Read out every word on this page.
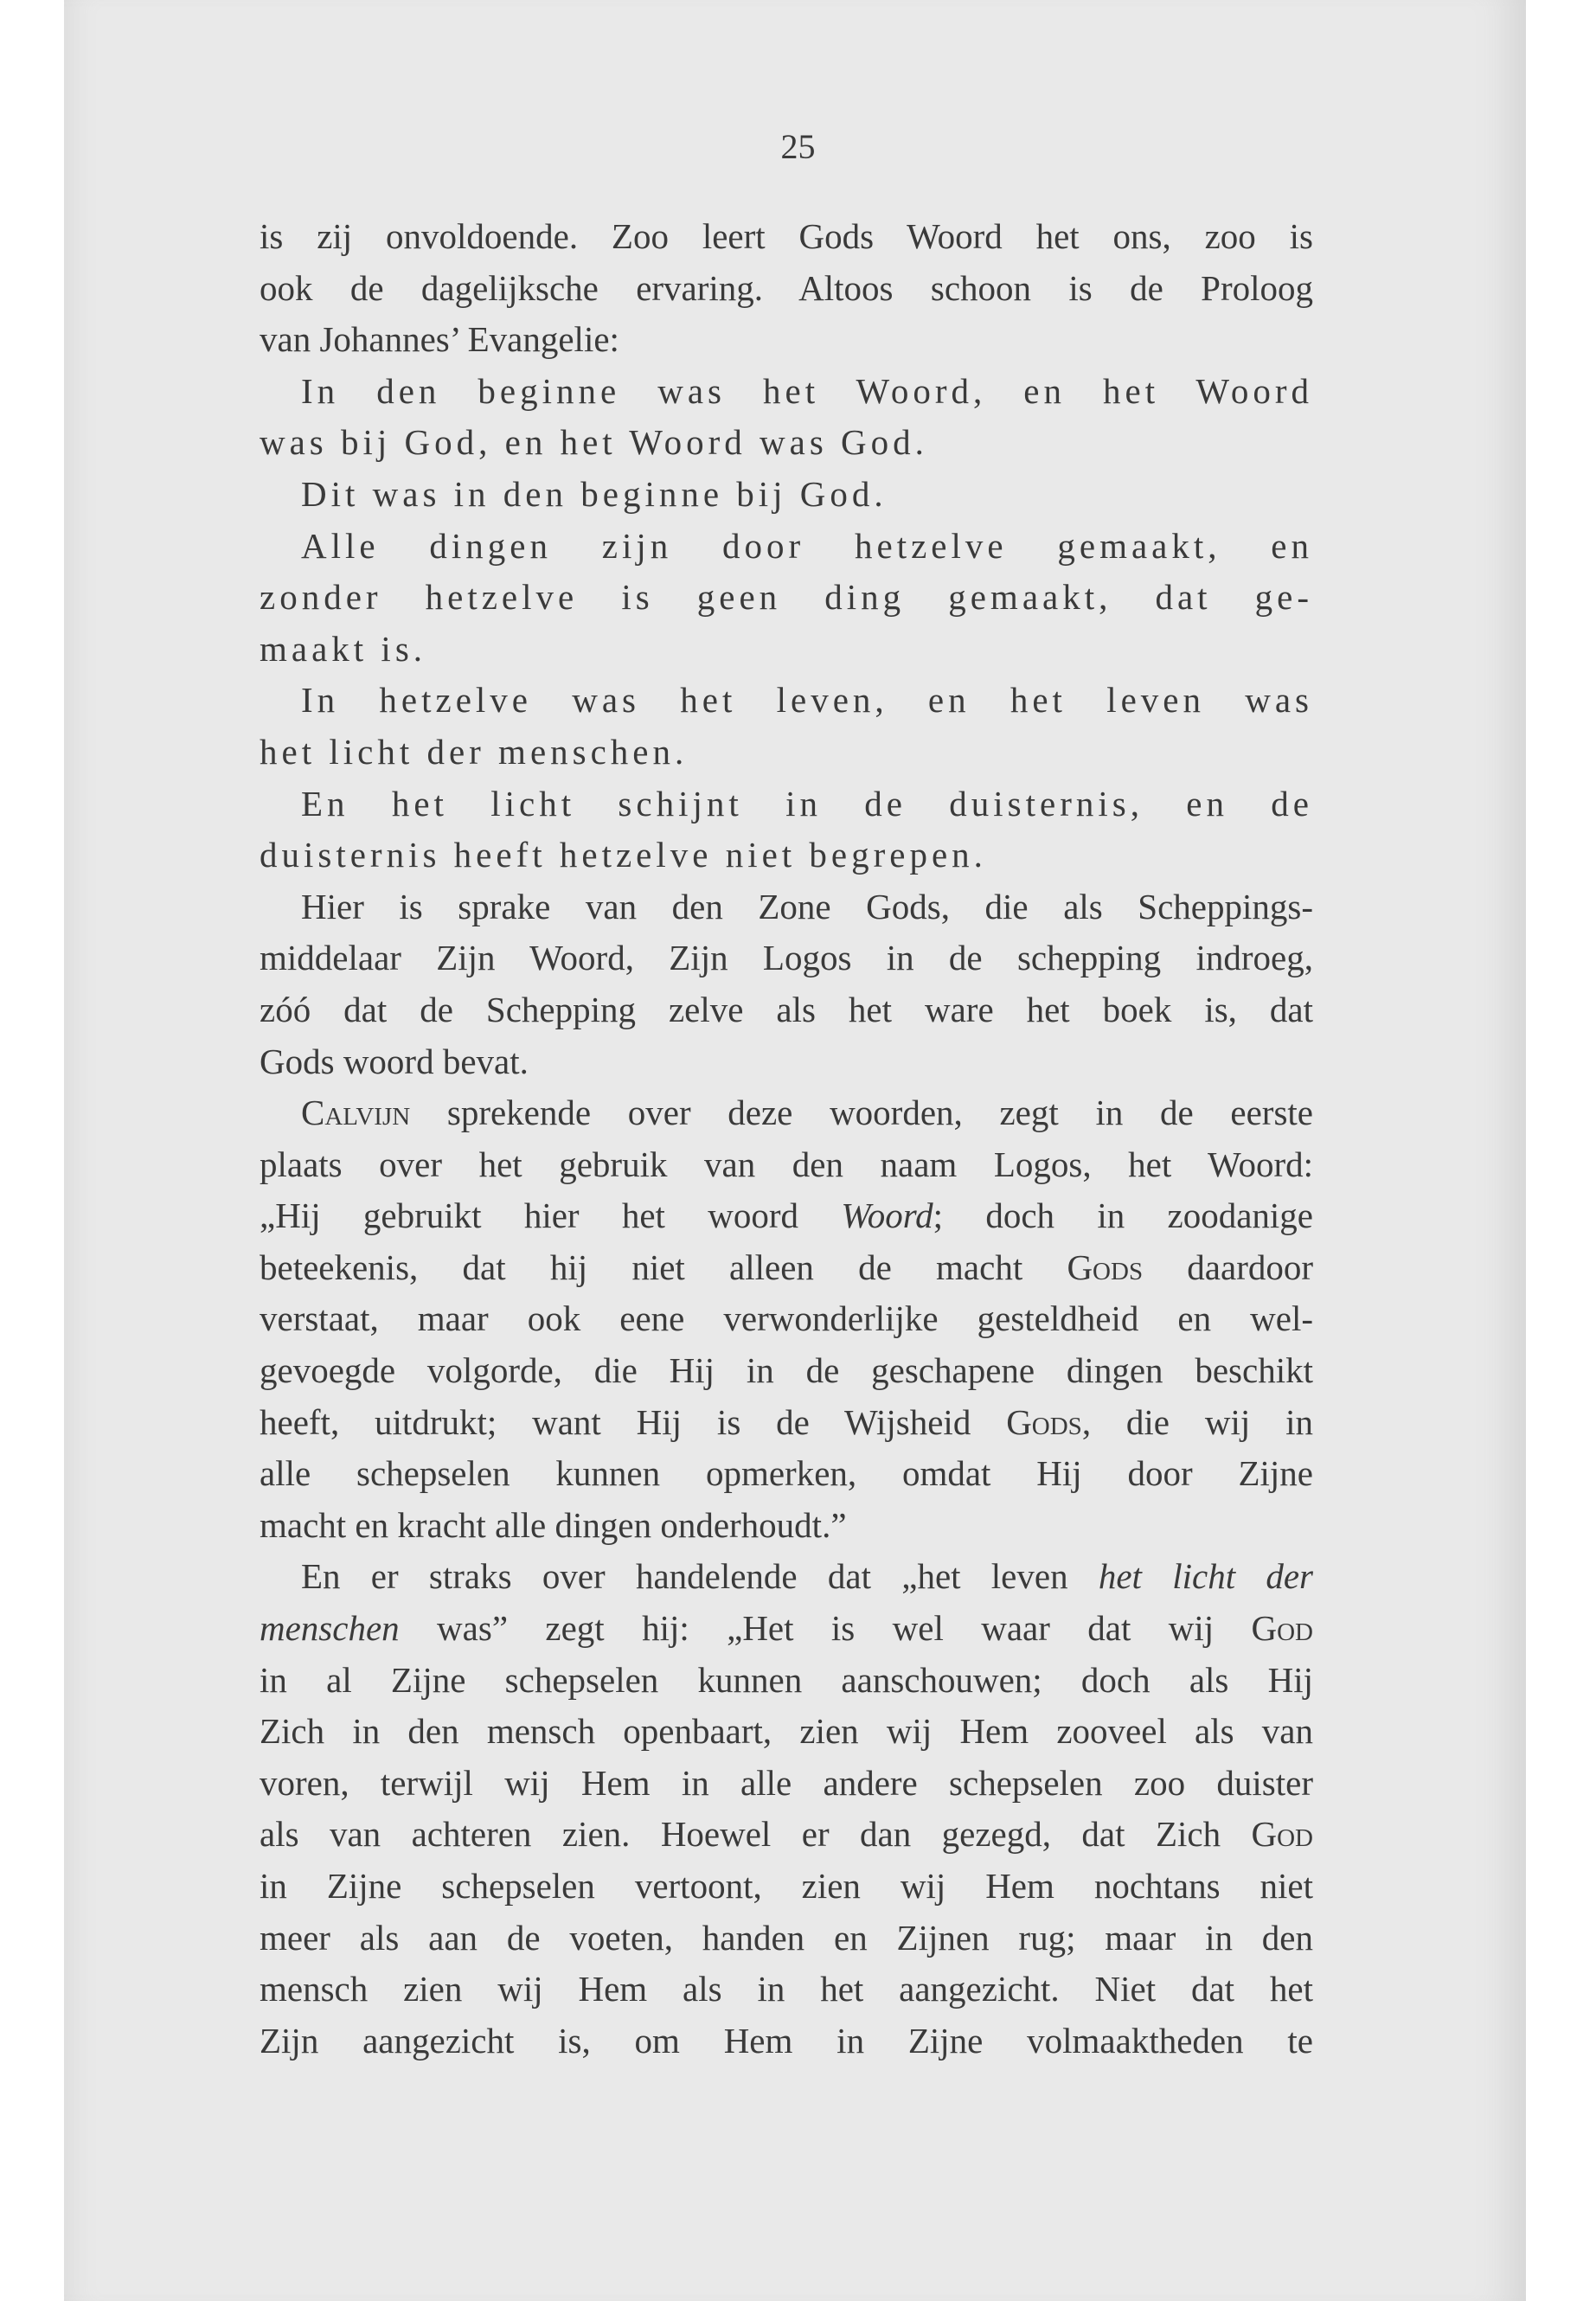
25
is zij onvoldoende. Zoo leert Gods Woord het ons, zoo is
ook de dagelijksche ervaring. Altoos schoon is de Proloog
van Johannes’ Evangelie:
In den beginne was het Woord, en het Woord
was bij God, en het Woord was God.
Dit was in den beginne bij God.
Alle dingen zijn door hetzelve gemaakt, en
zonder hetzelve is geen ding gemaakt, dat ge-
maakt is.
In hetzelve was het leven, en het leven was
het licht der menschen.
En het licht schijnt in de duisternis, en de
duisternis heeft hetzelve niet begrepen.
Hier is sprake van den Zone Gods, die als Scheppings-
middelaar Zijn Woord, Zijn Logos in de schepping indroeg,
zóó dat de Schepping zelve als het ware het boek is, dat
Gods woord bevat.
Calvijn sprekende over deze woorden, zegt in de eerste
plaats over het gebruik van den naam Logos, het Woord:
„Hij gebruikt hier het woord Woord; doch in zoodanige
beteekenis, dat hij niet alleen de macht Gods daardoor
verstaat, maar ook eene verwonderlijke gesteldheid en wel-
gevoegde volgorde, die Hij in de geschapene dingen beschikt
heeft, uitdrukt; want Hij is de Wijsheid Gods, die wij in
alle schepselen kunnen opmerken, omdat Hij door Zijne
macht en kracht alle dingen onderhoudt.”
En er straks over handelende dat „het leven het licht der
menschen was” zegt hij: „Het is wel waar dat wij God
in al Zijne schepselen kunnen aanschouwen; doch als Hij
Zich in den mensch openbaart, zien wij Hem zooveel als van
voren, terwijl wij Hem in alle andere schepselen zoo duister
als van achteren zien. Hoewel er dan gezegd, dat Zich God
in Zijne schepselen vertoont, zien wij Hem nochtans niet
meer als aan de voeten, handen en Zijnen rug; maar in den
mensch zien wij Hem als in het aangezicht. Niet dat het
Zijn aangezicht is, om Hem in Zijne volmaaktheden te
